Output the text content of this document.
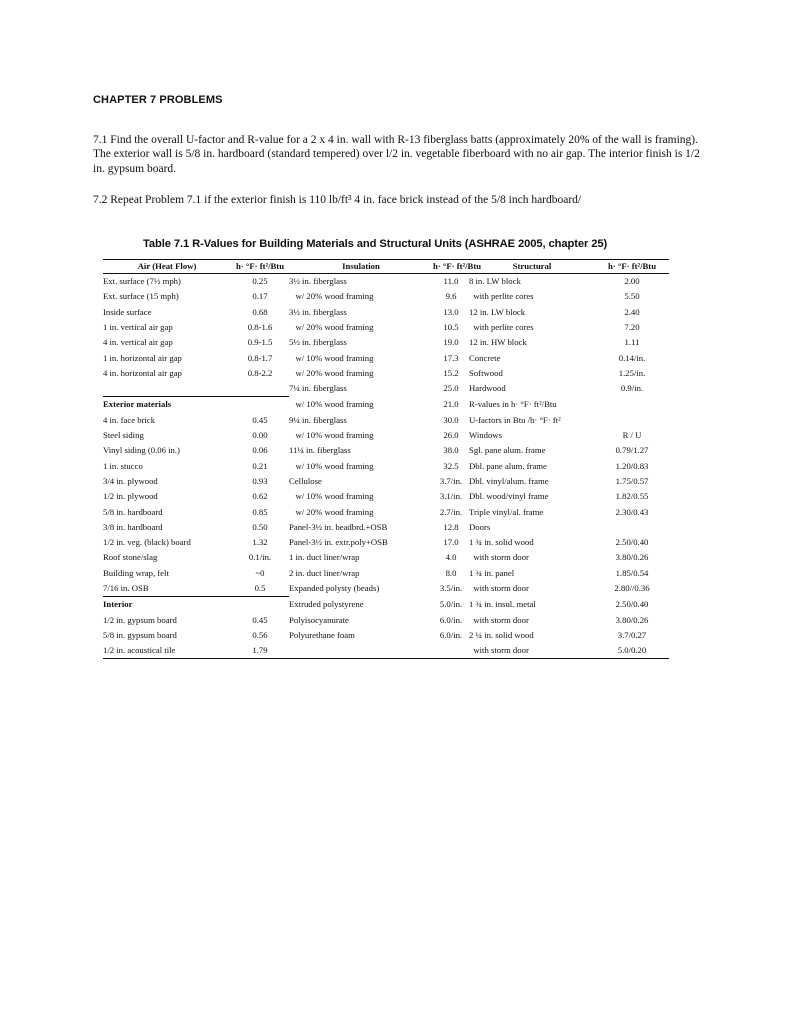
CHAPTER 7 PROBLEMS

7.1 Find the overall U-factor and R-value for a 2 x 4 in. wall with R-13 fiberglass batts (approximately 20% of the wall is framing). The exterior wall is 5/8 in. hardboard (standard tempered) over l/2 in. vegetable fiberboard with no air gap. The interior finish is 1/2 in. gypsum board.

7.2 Repeat Problem 7.1 if the exterior finish is 110 lb/ft³ 4 in. face brick instead of the 5/8 inch hardboard/

Table 7.1 R-Values for Building Materials and Structural Units (ASHRAE 2005, chapter 25)
Air (Heat Flow)	h· °F· ft²/Btu	Insulation	h· °F· ft²/Btu	Structural	h· °F· ft²/Btu
Ext. surface (7½ mph)	0.25	3½ in. fiberglass	11.0	8 in. LW block	2.00
Ext. surface (15 mph)	0.17	w/ 20% wood framing	9.6	with perlite cores	5.50
Inside surface	0.68	3½ in. fiberglass	13.0	12 in. LW block	2.40
1 in. vertical air gap	0.8-1.6	w/ 20% wood framing	10.5	with perlite cores	7.20
4 in. vertical air gap	0.9-1.5	5½ in. fiberglass	19.0	12 in. HW block	1.11
1 in. horizontal air gap	0.8-1.7	w/ 10% wood framing	17.3	Concrete	0.14/in.
4 in. horizontal air gap	0.8-2.2	w/ 20% wood framing	15.2	Softwood	1.25/in.
		7¼ in. fiberglass	25.0	Hardwood	0.9/in.
Exterior materials		w/ 10% wood framing	21.0	R-values in h· °F· ft²/Btu	
4 in. face brick	0.45	9¼ in. fiberglass	30.0	U-factors in Btu /h· °F· ft²	
Steel siding	0.00	w/ 10% wood framing	26.0	Windows	R / U
Vinyl siding (0.06 in.)	0.06	11¼ in. fiberglass	38.0	Sgl. pane alum. frame	0.79/1.27
1 in. stucco	0.21	w/ 10% wood framing	32.5	Dbl. pane alum. frame	1.20/0.83
3/4 in. plywood	0.93	Cellulose	3.7/in.	Dbl. vinyl/alum. frame	1.75/0.57
1/2 in. plywood	0.62	w/ 10% wood framing	3.1/in.	Dbl. wood/vinyl frame	1.82/0.55
5/8 in. hardboard	0.85	w/ 20% wood framing	2.7/in.	Triple vinyl/al. frame	2.30/0.43
3/8 in. hardboard	0.50	Panel-3½ in. beadbrd.+OSB	12.8	Doors	
1/2 in. veg. (black) board	1.32	Panel-3½ in. extr.poly+OSB	17.0	1 ¾ in. solid wood	2.50/0.40
Roof stone/slag	0.1/in.	1 in. duct liner/wrap	4.0	with storm door	3.80/0.26
Building wrap, felt	~0	2 in. duct liner/wrap	8.0	1 ¾ in. panel	1.85/0.54
7/16 in. OSB	0.5	Expanded polysty (beads)	3.5/in.	with storm door	2.80//0.36
Interior		Extruded polystyrene	5.0/in.	1 ¾ in. insul. metal	2.50/0.40
1/2 in. gypsum board	0.45	Polyisocyanurate	6.0/in.	with storm door	3.80/0.26
5/8 in. gypsum board	0.56	Polyurethane foam	6.0/in.	2 ¼ in. solid wood	3.7/0.27
1/2 in. acoustical tile	1.79			with storm door	5.0/0.20
